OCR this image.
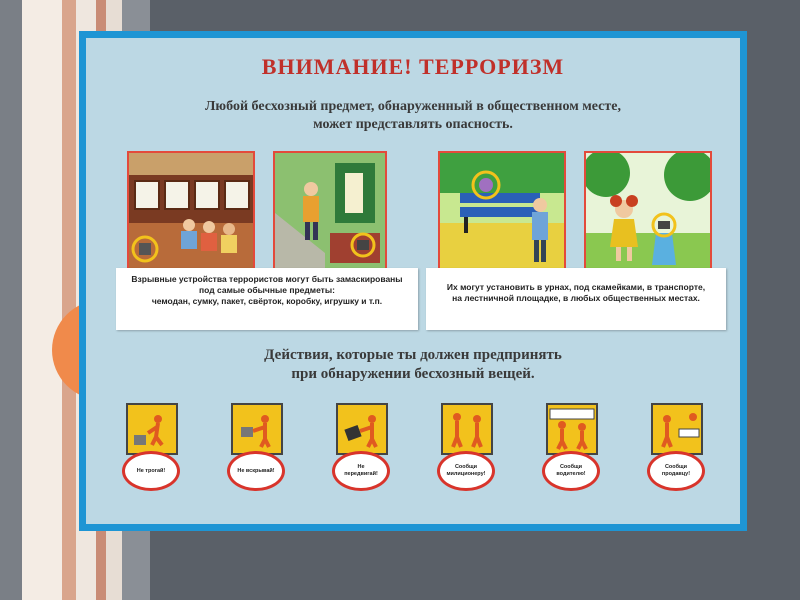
ВНИМАНИЕ! ТЕРРОРИЗМ
Любой бесхозный предмет, обнаруженный в общественном месте,
может представлять опасность.
Взрывные устройства террористов могут быть замаскированы
под самые обычные предметы:
чемодан, сумку, пакет, свёрток, коробку, игрушку и т.п.
Их могут установить в урнах, под скамейками, в транспорте,
на лестничной площадке, в любых общественных местах.
Действия, которые ты должен предпринять
при обнаружении бесхозный вещей.
Не трогай!	Не вскрывай!
Не передвигай!
Сообщи милиционеру!
Сообщи водителю!
Сообщи продавцу!
